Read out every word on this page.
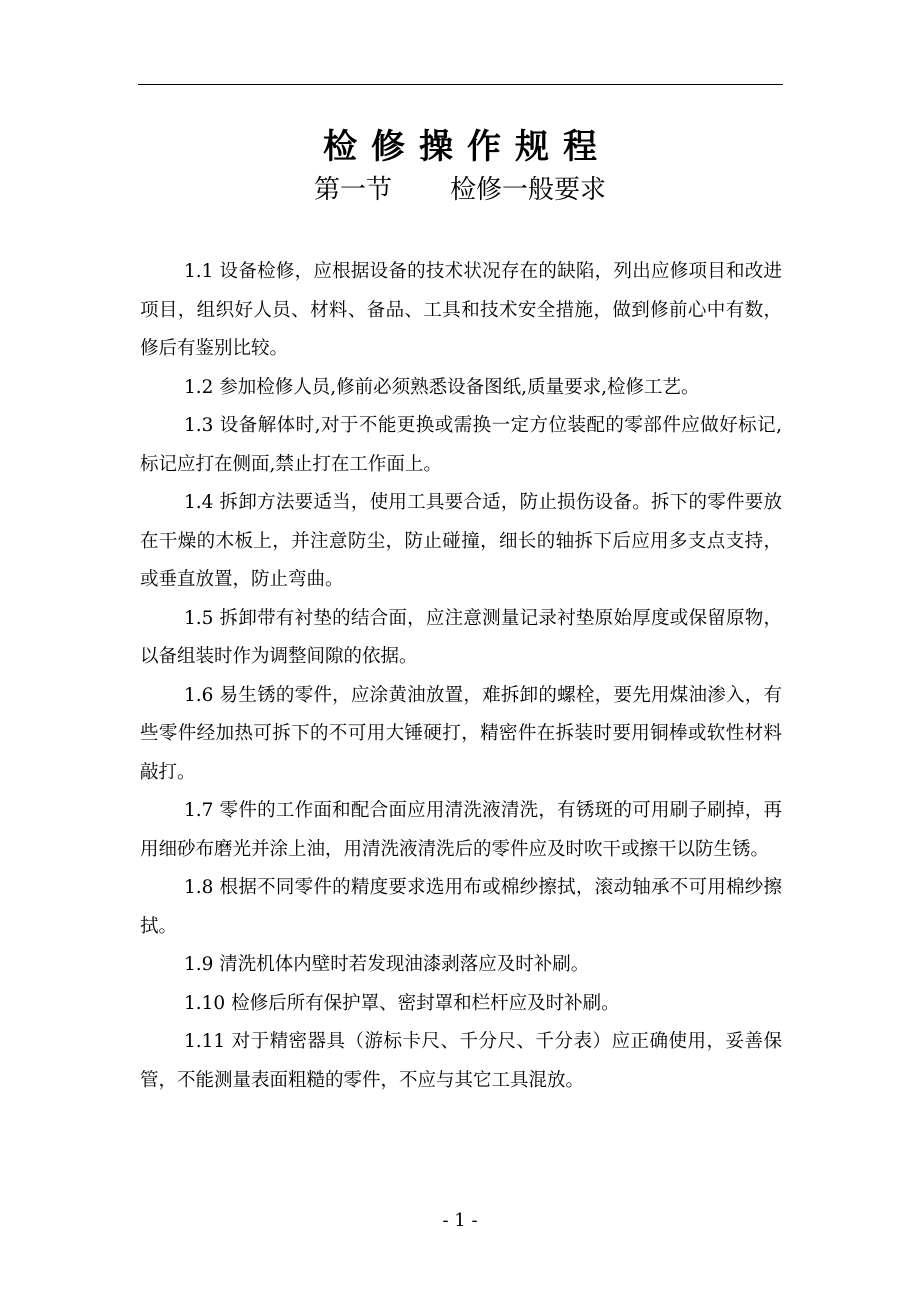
检修操作规程
第一节 检修一般要求

1.1 设备检修，应根据设备的技术状况存在的缺陷，列出应修项目和改进项目，组织好人员、材料、备品、工具和技术安全措施，做到修前心中有数，修后有鉴别比较。

1.2 参加检修人员,修前必须熟悉设备图纸,质量要求,检修工艺。

1.3 设备解体时,对于不能更换或需换一定方位装配的零部件应做好标记,标记应打在侧面,禁止打在工作面上。

1.4 拆卸方法要适当，使用工具要合适，防止损伤设备。拆下的零件要放在干燥的木板上，并注意防尘，防止碰撞，细长的轴拆下后应用多支点支持，或垂直放置，防止弯曲。

1.5 拆卸带有衬垫的结合面，应注意测量记录衬垫原始厚度或保留原物，以备组装时作为调整间隙的依据。

1.6 易生锈的零件，应涂黄油放置，难拆卸的螺栓，要先用煤油渗入，有些零件经加热可拆下的不可用大锤硬打，精密件在拆装时要用铜棒或软性材料敲打。

1.7 零件的工作面和配合面应用清洗液清洗，有锈斑的可用刷子刷掉，再用细砂布磨光并涂上油，用清洗液清洗后的零件应及时吹干或擦干以防生锈。

1.8 根据不同零件的精度要求选用布或棉纱擦拭，滚动轴承不可用棉纱擦拭。

1.9 清洗机体内壁时若发现油漆剥落应及时补刷。

1.10 检修后所有保护罩、密封罩和栏杆应及时补刷。

1.11 对于精密器具（游标卡尺、千分尺、千分表）应正确使用，妥善保管，不能测量表面粗糙的零件，不应与其它工具混放。

- 1 -
